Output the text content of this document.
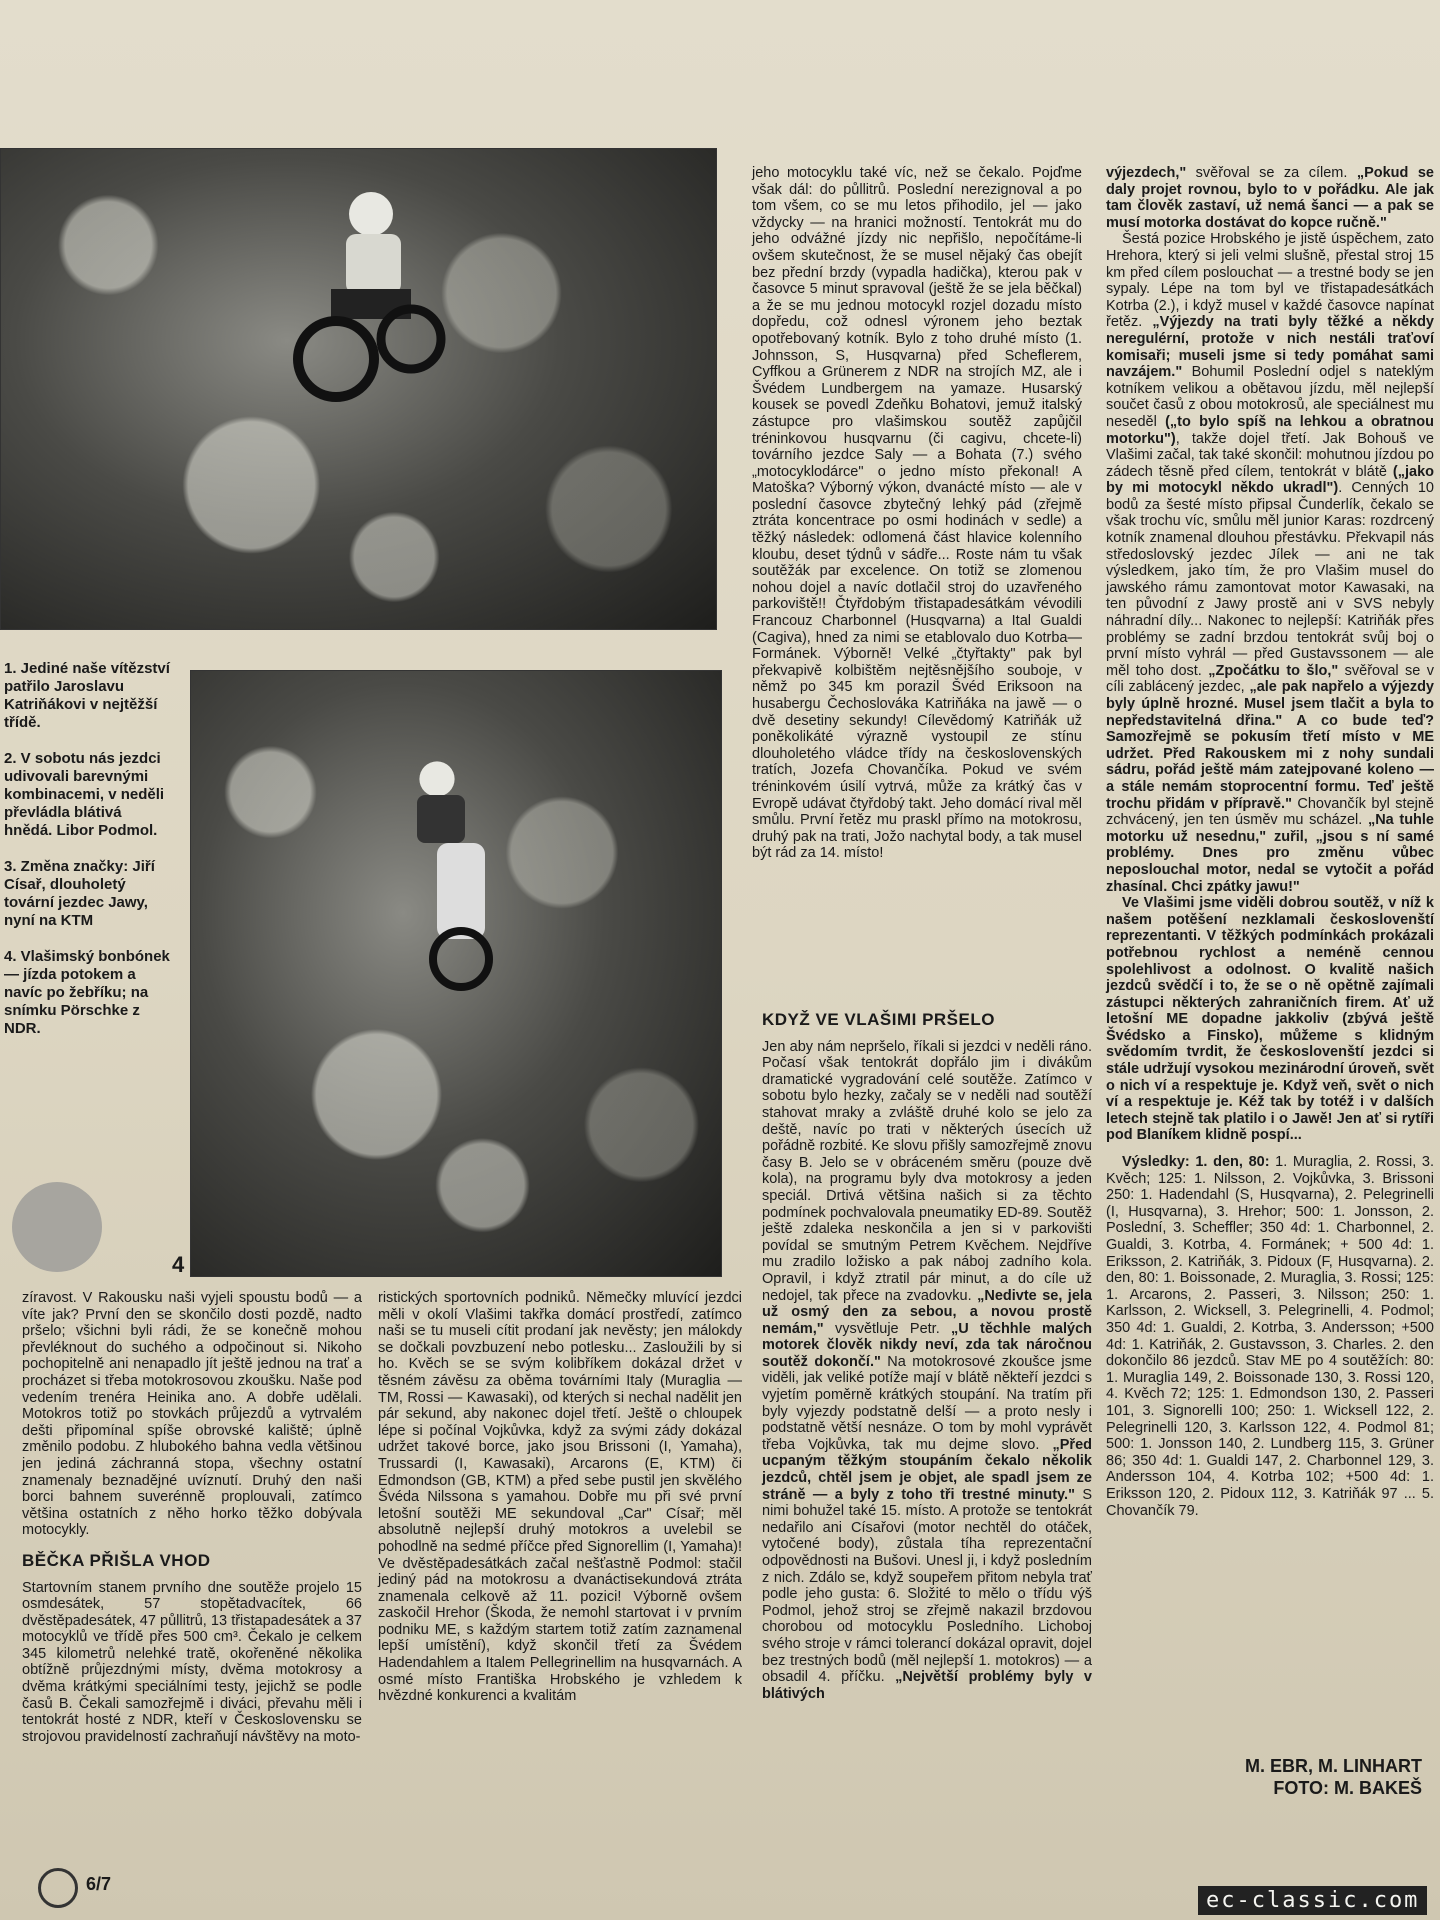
1. Jediné naše vítězství patřilo Jaroslavu Katriňákovi v nejtěžší třídě.

2. V sobotu nás jezdci udivovali barevnými kombinacemi, v neděli převládla blátivá hnědá. Libor Podmol.

3. Změna značky: Jiří Císař, dlouholetý tovární jezdec Jawy, nyní na KTM

4. Vlašimský bonbónek — jízda potokem a navíc po žebříku; na snímku Pörschke z NDR.

4

zíravost. V Rakousku naši vyjeli spoustu bodů — a víte jak? První den se skončilo dosti pozdě, nadto pršelo; všichni byli rádi, že se konečně mohou převléknout do suchého a odpočinout si. Nikoho pochopitelně ani nenapadlo jít ještě jednou na trať a procházet si třeba motokrosovou zkoušku. Naše pod vedením trenéra Heinika ano. A dobře udělali. Motokros totiž po stovkách průjezdů a vytrvalém dešti připomínal spíše obrovské kaliště; úplně změnilo podobu. Z hlubokého bahna vedla většinou jen jediná záchranná stopa, všechny ostatní znamenaly beznadějné uvíznutí. Druhý den naši borci bahnem suverénně proplouvali, zatímco většina ostatních z něho horko těžko dobývala motocykly.

BĚČKA PŘIŠLA VHOD

Startovním stanem prvního dne soutěže projelo 15 osmdesátek, 57 stopětadvacítek, 66 dvěstěpadesátek, 47 půllitrů, 13 třistapadesátek a 37 motocyklů ve třídě přes 500 cm³. Čekalo je celkem 345 kilometrů nelehké tratě, okořeněné několika obtížně průjezdnými místy, dvěma motokrosy a dvěma krátkými speciálními testy, jejichž se podle časů B. Čekali samozřejmě i diváci, převahu měli i tentokrát hosté z NDR, kteří v Československu se strojovou pravidelností zachraňují návštěvy na moto-

ristických sportovních podniků. Němečky mluvící jezdci měli v okolí Vlašimi takřka domácí prostředí, zatímco naši se tu museli cítit prodaní jak nevěsty; jen málokdy se dočkali povzbuzení nebo potlesku... Zasloužili by si ho. Kvěch se se svým kolibříkem dokázal držet v těsném závěsu za oběma továrními Italy (Muraglia — TM, Rossi — Kawasaki), od kterých si nechal nadělit jen pár sekund, aby nakonec dojel třetí. Ještě o chloupek lépe si počínal Vojkůvka, když za svými zády dokázal udržet takové borce, jako jsou Brissoni (I, Yamaha), Trussardi (I, Kawasaki), Arcarons (E, KTM) či Edmondson (GB, KTM) a před sebe pustil jen skvělého Švéda Nilssona s yamahou. Dobře mu při své první letošní soutěži ME sekundoval „Car" Císař; měl absolutně nejlepší druhý motokros a uvelebil se pohodlně na sedmé příčce před Signorellim (I, Yamaha)! Ve dvěstěpadesátkách začal nešťastně Podmol: stačil jediný pád na motokrosu a dvanáctisekundová ztráta znamenala celkově až 11. pozici! Výborně ovšem zaskočil Hrehor (Škoda, že nemohl startovat i v prvním podniku ME, s každým startem totiž zatím zaznamenal lepší umístění), když skončil třetí za Švédem Hadendahlem a Italem Pellegrinellim na husqvarnách. A osmé místo Františka Hrobského je vzhledem k hvězdné konkurenci a kvalitám

jeho motocyklu také víc, než se čekalo. Pojďme však dál: do půllitrů. Poslední nerezignoval a po tom všem, co se mu letos přihodilo, jel — jako vždycky — na hranici možností. Tentokrát mu do jeho odvážné jízdy nic nepřišlo, nepočítáme-li ovšem skutečnost, že se musel nějaký čas obejít bez přední brzdy (vypadla hadička), kterou pak v časovce 5 minut spravoval (ještě že se jela běčkal) a že se mu jednou motocykl rozjel dozadu místo dopředu, což odnesl výronem jeho beztak opotřebovaný kotník. Bylo z toho druhé místo (1. Johnsson, S, Husqvarna) před Scheflerem, Cyffkou a Grünerem z NDR na strojích MZ, ale i Švédem Lundbergem na yamaze. Husarský kousek se povedl Zdeňku Bohatovi, jemuž italský zástupce pro vlašimskou soutěž zapůjčil tréninkovou husqvarnu (či cagivu, chcete-li) továrního jezdce Saly — a Bohata (7.) svého „motocyklodárce" o jedno místo překonal! A Matoška? Výborný výkon, dvanácté místo — ale v poslední časovce zbytečný lehký pád (zřejmě ztráta koncentrace po osmi hodinách v sedle) a těžký následek: odlomená část hlavice kolenního kloubu, deset týdnů v sádře... Roste nám tu však soutěžák par excelence. On totiž se zlomenou nohou dojel a navíc dotlačil stroj do uzavřeného parkoviště!! Čtyřdobým třistapadesátkám vévodili Francouz Charbonnel (Husqvarna) a Ital Gualdi (Cagiva), hned za nimi se etablovalo duo Kotrba—Formánek. Výborně! Velké „čtyřtakty" pak byl překvapivě kolbištěm nejtěsnějšího souboje, v němž po 345 km porazil Švéd Eriksoon na husabergu Čechoslováka Katriňáka na jawě — o dvě desetiny sekundy! Cílevědomý Katriňák už poněkolikáté výrazně vystoupil ze stínu dlouholetého vládce třídy na československých tratích, Jozefa Chovančíka. Pokud ve svém tréninkovém úsilí vytrvá, může za krátký čas v Evropě udávat čtyřdobý takt. Jeho domácí rival měl smůlu. První řetěz mu praskl přímo na motokrosu, druhý pak na trati, Jožo nachytal body, a tak musel být rád za 14. místo!

KDYŽ VE VLAŠIMI PRŠELO

Jen aby nám nepršelo, říkali si jezdci v neděli ráno. Počasí však tentokrát dopřálo jim i divákům dramatické vygradování celé soutěže. Zatímco v sobotu bylo hezky, začaly se v neděli nad soutěží stahovat mraky a zvláště druhé kolo se jelo za deště, navíc po trati v některých úsecích už pořádně rozbité. Ke slovu přišly samozřejmě znovu časy B. Jelo se v obráceném směru (pouze dvě kola), na programu byly dva motokrosy a jeden speciál. Drtivá většina našich si za těchto podmínek pochvalovala pneumatiky ED-89. Soutěž ještě zdaleka neskončila a jen si v parkovišti povídal se smutným Petrem Kvěchem. Nejdříve mu zradilo ložisko a pak náboj zadního kola. Opravil, i když ztratil pár minut, a do cíle už nedojel, tak přece na zvadovku. „Nedivte se, jela už osmý den za sebou, a novou prostě nemám," vysvětluje Petr. „U těchhle malých motorek člověk nikdy neví, zda tak náročnou soutěž dokončí." Na motokrosové zkoušce jsme viděli, jak veliké potíže mají v blátě někteří jezdci s vyjetím poměrně krátkých stoupání. Na tratím při byly vyjezdy podstatně delší — a proto nesly i podstatně větší nesnáze. O tom by mohl vyprávět třeba Vojkůvka, tak mu dejme slovo. „Před ucpaným těžkým stoupáním čekalo několik jezdců, chtěl jsem je objet, ale spadl jsem ze stráně — a byly z toho tři trestné minuty." S nimi bohužel také 15. místo. A protože se tentokrát nedařilo ani Císařovi (motor nechtěl do otáček, vytočené body), zůstala tíha reprezentační odpovědnosti na Bušovi. Unesl ji, i když posledním z nich. Zdálo se, když soupeřem přitom nebyla trať podle jeho gusta: 6. Složité to mělo o třídu výš Podmol, jehož stroj se zřejmě nakazil brzdovou chorobou od motocyklu Posledního. Lichoboj svého stroje v rámci tolerancí dokázal opravit, dojel bez trestných bodů (měl nejlepší 1. motokros) — a obsadil 4. příčku. „Největší problémy byly v blátivých

výjezdech," svěřoval se za cílem. „Pokud se daly projet rovnou, bylo to v pořádku. Ale jak tam člověk zastaví, už nemá šanci — a pak se musí motorka dostávat do kopce ručně."

Šestá pozice Hrobského je jistě úspěchem, zato Hrehora, který si jeli velmi slušně, přestal stroj 15 km před cílem poslouchat — a trestné body se jen sypaly. Lépe na tom byl ve třistapadesátkách Kotrba (2.), i když musel v každé časovce napínat řetěz. „Výjezdy na trati byly těžké a někdy neregulérní, protože v nich nestáli traťoví komisaři; museli jsme si tedy pomáhat sami navzájem." Bohumil Poslední odjel s nateklým kotníkem velikou a obětavou jízdu, měl nejlepší součet časů z obou motokrosů, ale speciálnest mu neseděl („to bylo spíš na lehkou a obratnou motorku"), takže dojel třetí. Jak Bohouš ve Vlašimi začal, tak také skončil: mohutnou jízdou po zádech těsně před cílem, tentokrát v blátě („jako by mi motocykl někdo ukradl"). Cenných 10 bodů za šesté místo připsal Čunderlík, čekalo se však trochu víc, smůlu měl junior Karas: rozdrcený kotník znamenal dlouhou přestávku. Překvapil nás středoslovský jezdec Jílek — ani ne tak výsledkem, jako tím, že pro Vlašim musel do jawského rámu zamontovat motor Kawasaki, na ten původní z Jawy prostě ani v SVS nebyly náhradní díly... Nakonec to nejlepší: Katriňák přes problémy se zadní brzdou tentokrát svůj boj o první místo vyhrál — před Gustavssonem — ale měl toho dost. „Zpočátku to šlo," svěřoval se v cíli zablácený jezdec, „ale pak napřelo a výjezdy byly úplně hrozné. Musel jsem tlačit a byla to nepředstavitelná dřina." A co bude teď? Samozřejmě se pokusím třetí místo v ME udržet. Před Rakouskem mi z nohy sundali sádru, pořád ještě mám zatejpované koleno — a stále nemám stoprocentní formu. Teď ještě trochu přidám v přípravě." Chovančík byl stejně zchvácený, jen ten úsměv mu scházel. „Na tuhle motorku už nesednu," zuřil, „jsou s ní samé problémy. Dnes pro změnu vůbec neposlouchal motor, nedal se vytočit a pořád zhasínal. Chci zpátky jawu!"

Ve Vlašimi jsme viděli dobrou soutěž, v níž k našem potěšení nezklamali českoslovenští reprezentanti. V těžkých podmínkách prokázali potřebnou rychlost a neméně cennou spolehlivost a odolnost. O kvalitě našich jezdců svědčí i to, že se o ně opětně zajímali zástupci některých zahraničních firem. Ať už letošní ME dopadne jakkoliv (zbývá ještě Švédsko a Finsko), můžeme s klidným svědomím tvrdit, že českoslovenští jezdci si stále udržují vysokou mezinárodní úroveň, svět o nich ví a respektuje je. Když veň, svět o nich ví a respektuje je. Kéž tak by totéž i v dalších letech stejně tak platilo i o Jawě! Jen ať si rytíři pod Blaníkem klidně pospí...

Výsledky: 1. den, 80: 1. Muraglia, 2. Rossi, 3. Kvěch; 125: 1. Nilsson, 2. Vojkůvka, 3. Brissoni 250: 1. Hadendahl (S, Husqvarna), 2. Pelegrinelli (I, Husqvarna), 3. Hrehor; 500: 1. Jonsson, 2. Poslední, 3. Scheffler; 350 4d: 1. Charbonnel, 2. Gualdi, 3. Kotrba, 4. Formánek; + 500 4d: 1. Eriksson, 2. Katriňák, 3. Pidoux (F, Husqvarna). 2. den, 80: 1. Boissonade, 2. Muraglia, 3. Rossi; 125: 1. Arcarons, 2. Passeri, 3. Nilsson; 250: 1. Karlsson, 2. Wicksell, 3. Pelegrinelli, 4. Podmol; 350 4d: 1. Gualdi, 2. Kotrba, 3. Andersson; +500 4d: 1. Katriňák, 2. Gustavsson, 3. Charles. 2. den dokončilo 86 jezdců. Stav ME po 4 soutěžích: 80: 1. Muraglia 149, 2. Boissonade 130, 3. Rossi 120, 4. Kvěch 72; 125: 1. Edmondson 130, 2. Passeri 101, 3. Signorelli 100; 250: 1. Wicksell 122, 2. Pelegrinelli 120, 3. Karlsson 122, 4. Podmol 81; 500: 1. Jonsson 140, 2. Lundberg 115, 3. Grüner 86; 350 4d: 1. Gualdi 147, 2. Charbonnel 129, 3. Andersson 104, 4. Kotrba 102; +500 4d: 1. Eriksson 120, 2. Pidoux 112, 3. Katriňák 97 ... 5. Chovančík 79.

M. EBR, M. LINHART
FOTO: M. BAKEŠ
6/7
ec-classic.com
